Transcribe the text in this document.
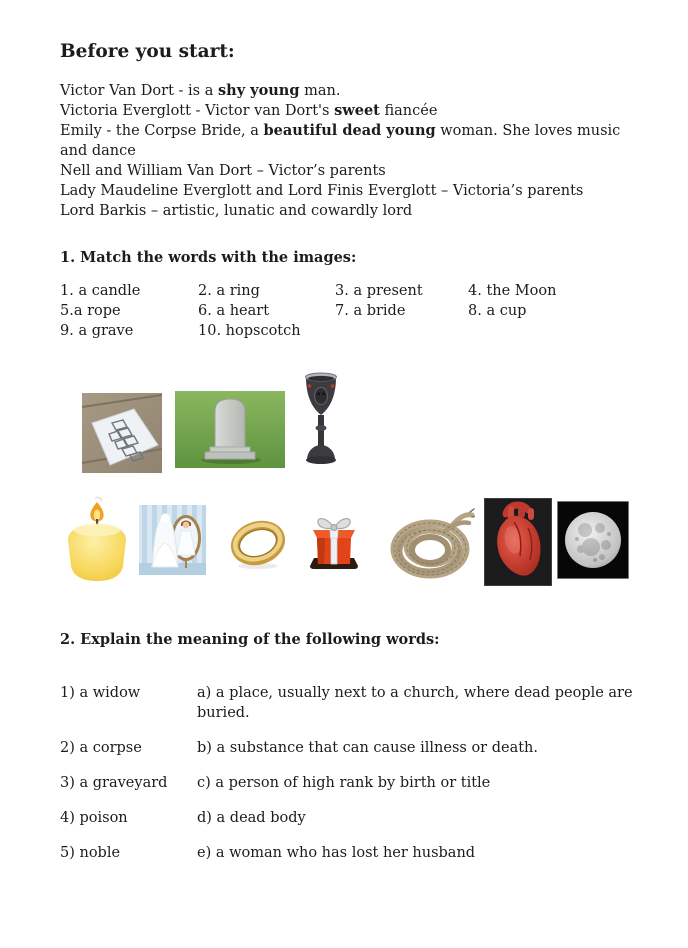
Before you start:
Victor Van Dort - is a shy young man.
Victoria Everglott - Victor van Dort's sweet fiancée
Emily - the Corpse Bride, a beautiful dead young woman. She loves music
and dance
Nell and William Van Dort – Victor’s parents
Lady Maudeline Everglott and Lord Finis Everglott – Victoria’s parents
Lord Barkis – artistic, lunatic and cowardly lord
1. Match the words with the images:
1. a candle	2. a ring	3. a present	4. the Moon
5.a rope	6. a heart	7. a bride	8. a cup
9. a grave	10. hopscotch
2. Explain the meaning of the following words:
1) a widow	a) a place, usually next to a church, where dead people are buried.
2) a corpse	b) a substance that can cause illness or death.
3) a graveyard	c) a person of high rank by birth or title
4) poison	d) a dead body
5) noble	e) a woman who has lost her husband
